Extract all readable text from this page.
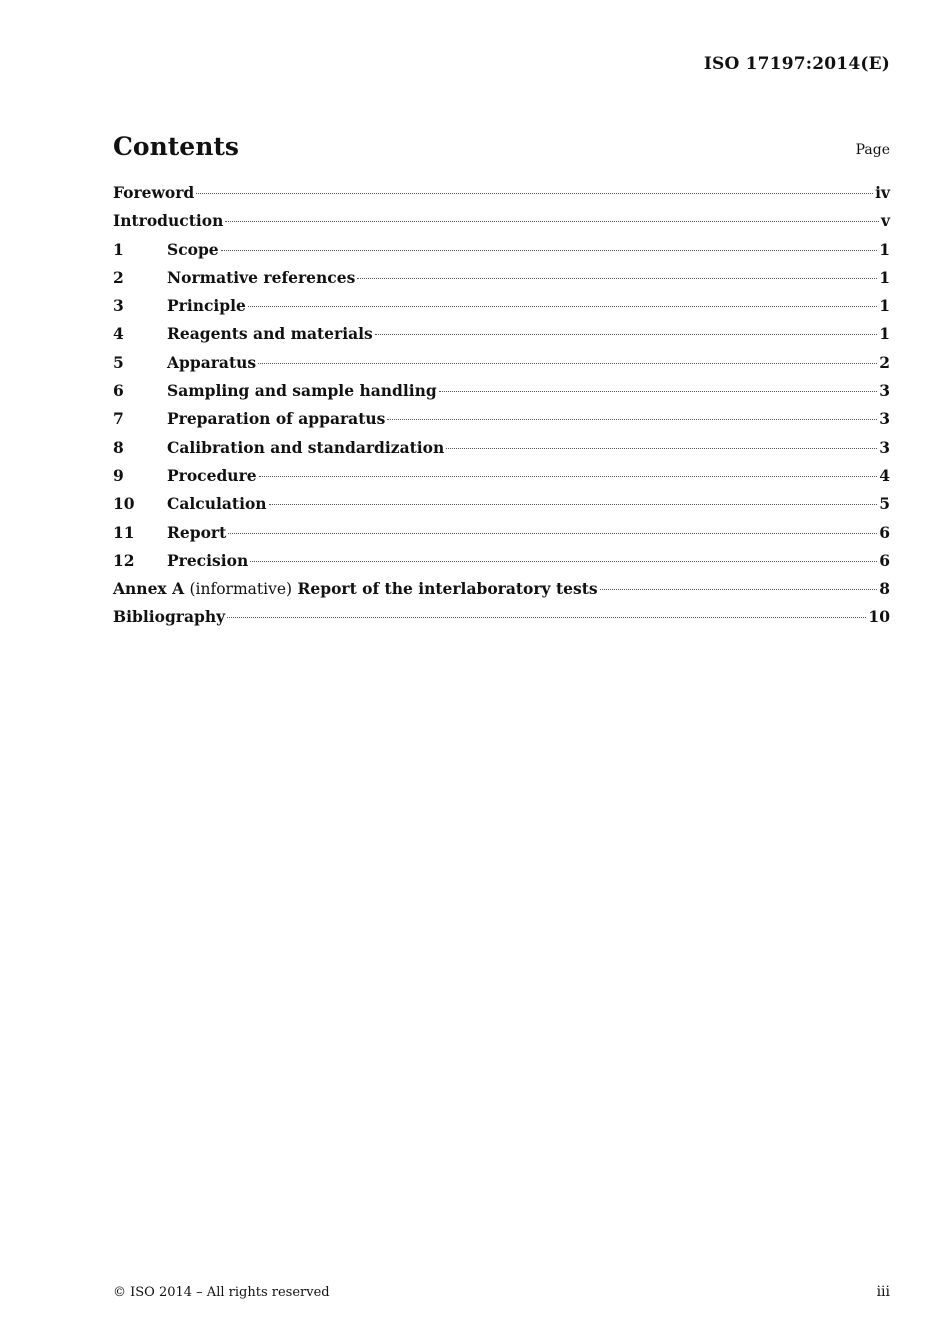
ISO 17197:2014(E)
Contents	Page
Foreword	iv
Introduction	v
1	Scope	1
2	Normative references	1
3	Principle	1
4	Reagents and materials	1
5	Apparatus	2
6	Sampling and sample handling	3
7	Preparation of apparatus	3
8	Calibration and standardization	3
9	Procedure	4
10	Calculation	5
11	Report	6
12	Precision	6
Annex A (informative) Report of the interlaboratory tests	8
Bibliography	10
© ISO 2014 – All rights reserved	iii
